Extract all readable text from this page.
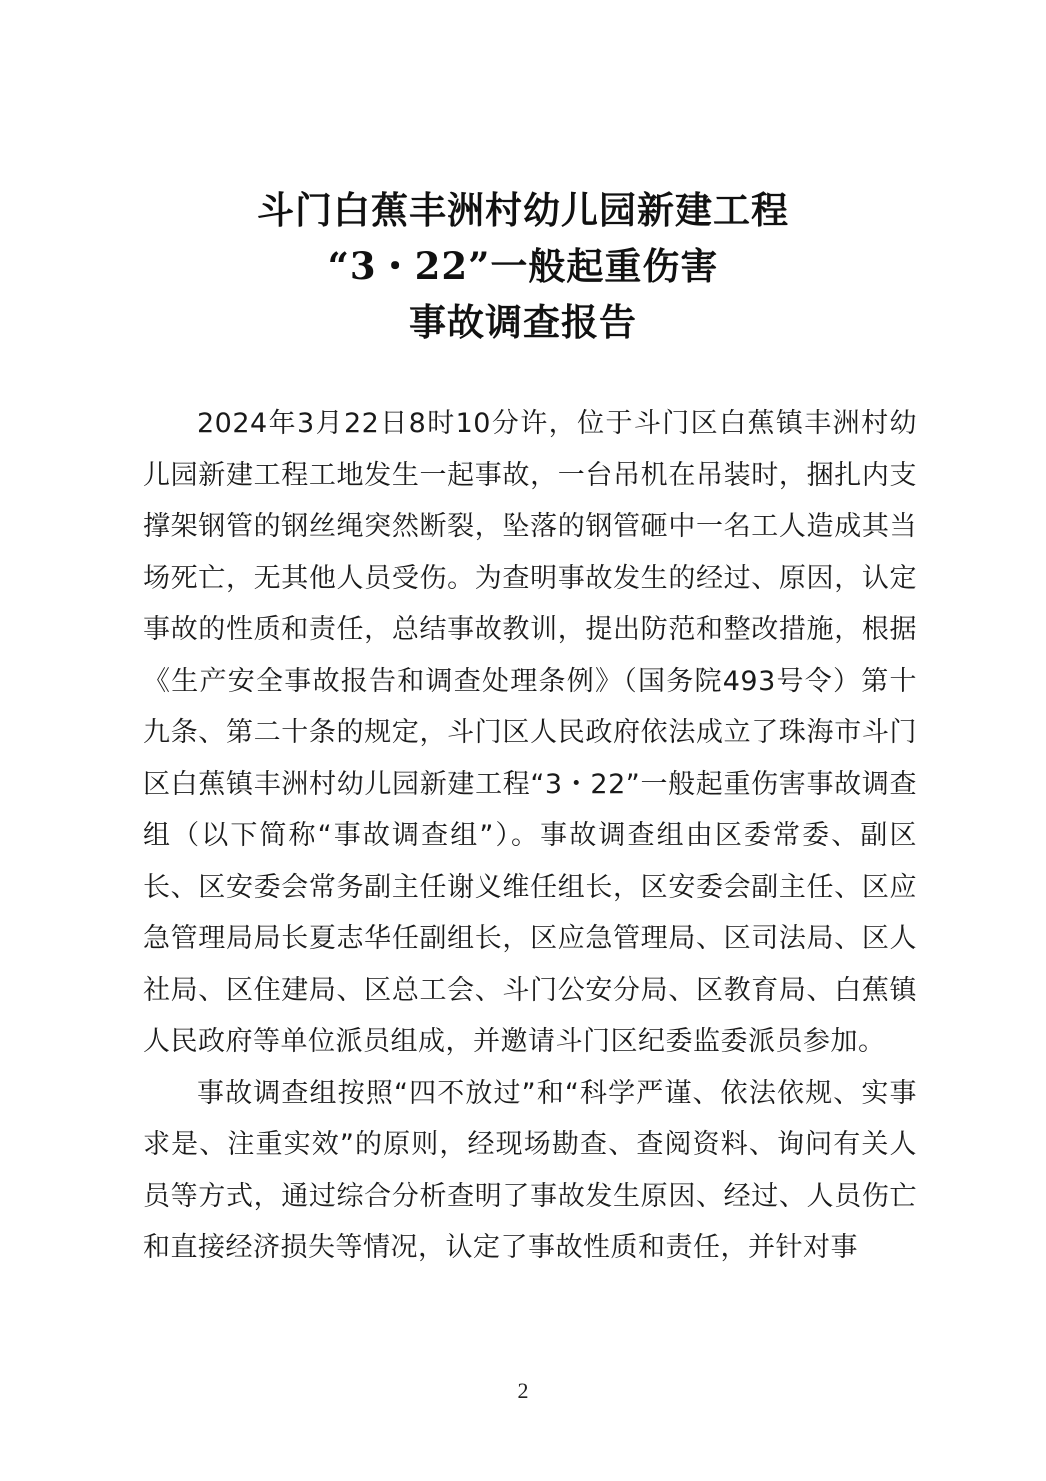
斗门白蕉丰洲村幼儿园新建工程
“3・22”一般起重伤害
事故调查报告

2024年3月22日8时10分许，位于斗门区白蕉镇丰洲村幼儿园新建工程工地发生一起事故，一台吊机在吊装时，捆扎内支撑架钢管的钢丝绳突然断裂，坠落的钢管砸中一名工人造成其当场死亡，无其他人员受伤。为查明事故发生的经过、原因，认定事故的性质和责任，总结事故教训，提出防范和整改措施，根据《生产安全事故报告和调查处理条例》（国务院493号令）第十九条、第二十条的规定，斗门区人民政府依法成立了珠海市斗门区白蕉镇丰洲村幼儿园新建工程“3・22”一般起重伤害事故调查组（以下简称“事故调查组”）。事故调查组由区委常委、副区长、区安委会常务副主任谢义维任组长，区安委会副主任、区应急管理局局长夏志华任副组长，区应急管理局、区司法局、区人社局、区住建局、区总工会、斗门公安分局、区教育局、白蕉镇人民政府等单位派员组成，并邀请斗门区纪委监委派员参加。

事故调查组按照“四不放过”和“科学严谨、依法依规、实事求是、注重实效”的原则，经现场勘查、查阅资料、询问有关人员等方式，通过综合分析查明了事故发生原因、经过、人员伤亡和直接经济损失等情况，认定了事故性质和责任，并针对事

2
